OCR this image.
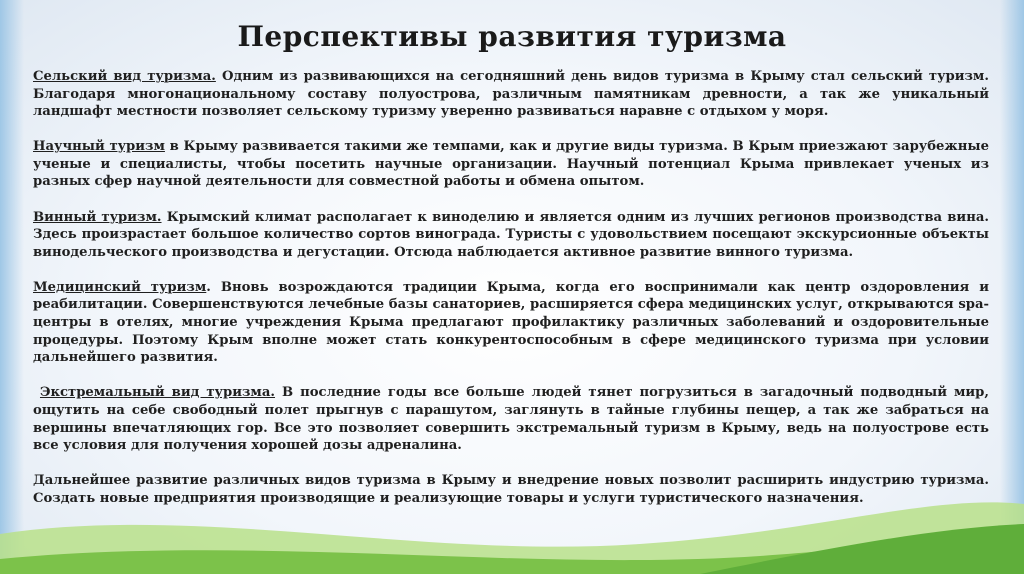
Перспективы развития туризма

Сельский вид туризма. Одним из развивающихся на сегодняшний день видов туризма в Крыму стал сельский туризм. Благодаря многонациональному составу полуострова, различным памятникам древности, а так же уникальный ландшафт местности позволяет сельскому туризму уверенно развиваться наравне с отдыхом у моря.

Научный туризм в Крыму развивается такими же темпами, как и другие виды туризма. В Крым приезжают зарубежные ученые и специалисты, чтобы посетить научные организации. Научный потенциал Крыма привлекает ученых из разных сфер научной деятельности для совместной работы и обмена опытом.

Винный туризм. Крымский климат располагает к виноделию и является одним из лучших регионов производства вина. Здесь произрастает большое количество сортов винограда. Туристы с удовольствием посещают экскурсионные объекты винодельческого производства и дегустации. Отсюда наблюдается активное развитие винного туризма.

Медицинский туризм. Вновь возрождаются традиции Крыма, когда его воспринимали как центр оздоровления и реабилитации. Совершенствуются лечебные базы санаториев, расширяется сфера медицинских услуг, открываются spa-центры в отелях, многие учреждения Крыма предлагают профилактику различных заболеваний и оздоровительные процедуры. Поэтому Крым вполне может стать конкурентоспособным в сфере медицинского туризма при условии дальнейшего развития.

Экстремальный вид туризма. В последние годы все больше людей тянет погрузиться в загадочный подводный мир, ощутить на себе свободный полет прыгнув с парашутом, заглянуть в тайные глубины пещер, а так же забраться на вершины впечатляющих гор. Все это позволяет совершить экстремальный туризм в Крыму, ведь на полуострове есть все условия для получения хорошей дозы адреналина.

Дальнейшее развитие различных видов туризма в Крыму и внедрение новых позволит расширить индустрию туризма. Создать новые предприятия производящие и реализующие товары и услуги туристического назначения.
